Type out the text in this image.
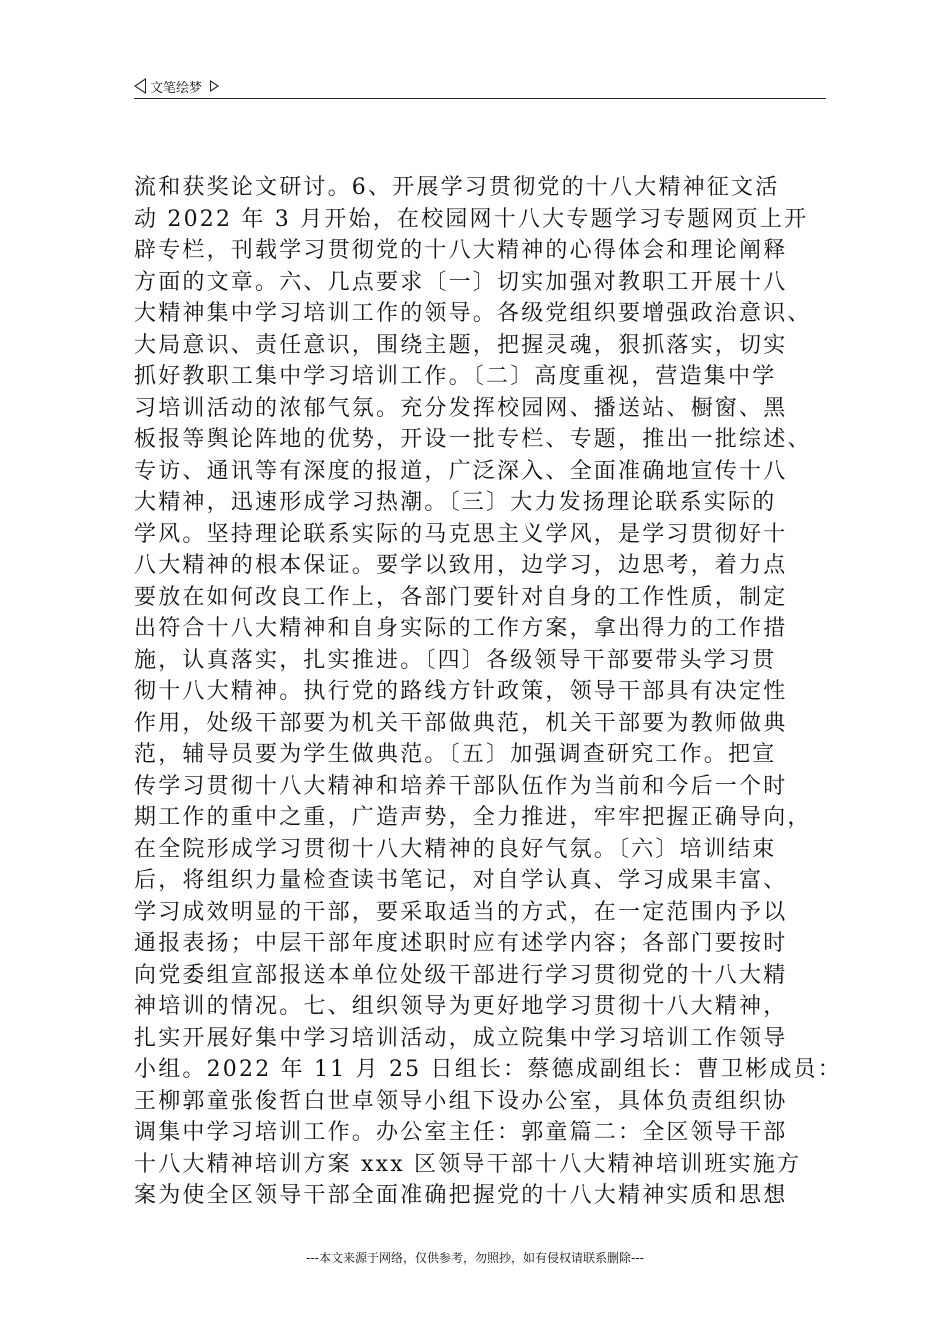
文笔绘梦
流和获奖论文研讨。6、开展学习贯彻党的十八大精神征文活
动 2022 年 3 月开始，在校园网十八大专题学习专题网页上开
辟专栏，刊载学习贯彻党的十八大精神的心得体会和理论阐释
方面的文章。六、几点要求〔一〕切实加强对教职工开展十八
大精神集中学习培训工作的领导。各级党组织要增强政治意识、
大局意识、责任意识，围绕主题，把握灵魂，狠抓落实，切实
抓好教职工集中学习培训工作。〔二〕高度重视，营造集中学
习培训活动的浓郁气氛。充分发挥校园网、播送站、橱窗、黑
板报等舆论阵地的优势，开设一批专栏、专题，推出一批综述、
专访、通讯等有深度的报道，广泛深入、全面准确地宣传十八
大精神，迅速形成学习热潮。〔三〕大力发扬理论联系实际的
学风。坚持理论联系实际的马克思主义学风，是学习贯彻好十
八大精神的根本保证。要学以致用，边学习，边思考，着力点
要放在如何改良工作上，各部门要针对自身的工作性质，制定
出符合十八大精神和自身实际的工作方案，拿出得力的工作措
施，认真落实，扎实推进。〔四〕各级领导干部要带头学习贯
彻十八大精神。执行党的路线方针政策，领导干部具有决定性
作用，处级干部要为机关干部做典范，机关干部要为教师做典
范，辅导员要为学生做典范。〔五〕加强调查研究工作。把宣
传学习贯彻十八大精神和培养干部队伍作为当前和今后一个时
期工作的重中之重，广造声势，全力推进，牢牢把握正确导向，
在全院形成学习贯彻十八大精神的良好气氛。〔六〕培训结束
后，将组织力量检查读书笔记，对自学认真、学习成果丰富、
学习成效明显的干部，要采取适当的方式，在一定范围内予以
通报表扬；中层干部年度述职时应有述学内容；各部门要按时
向党委组宣部报送本单位处级干部进行学习贯彻党的十八大精
神培训的情况。七、组织领导为更好地学习贯彻十八大精神，
扎实开展好集中学习培训活动，成立院集中学习培训工作领导
小组。2022 年 11 月 25 日组长：蔡德成副组长：曹卫彬成员：
王柳郭童张俊哲白世卓领导小组下设办公室，具体负责组织协
调集中学习培训工作。办公室主任：郭童篇二：全区领导干部
十八大精神培训方案 xxx 区领导干部十八大精神培训班实施方
案为使全区领导干部全面准确把握党的十八大精神实质和思想
---本文来源于网络，仅供参考，勿照抄，如有侵权请联系删除---
